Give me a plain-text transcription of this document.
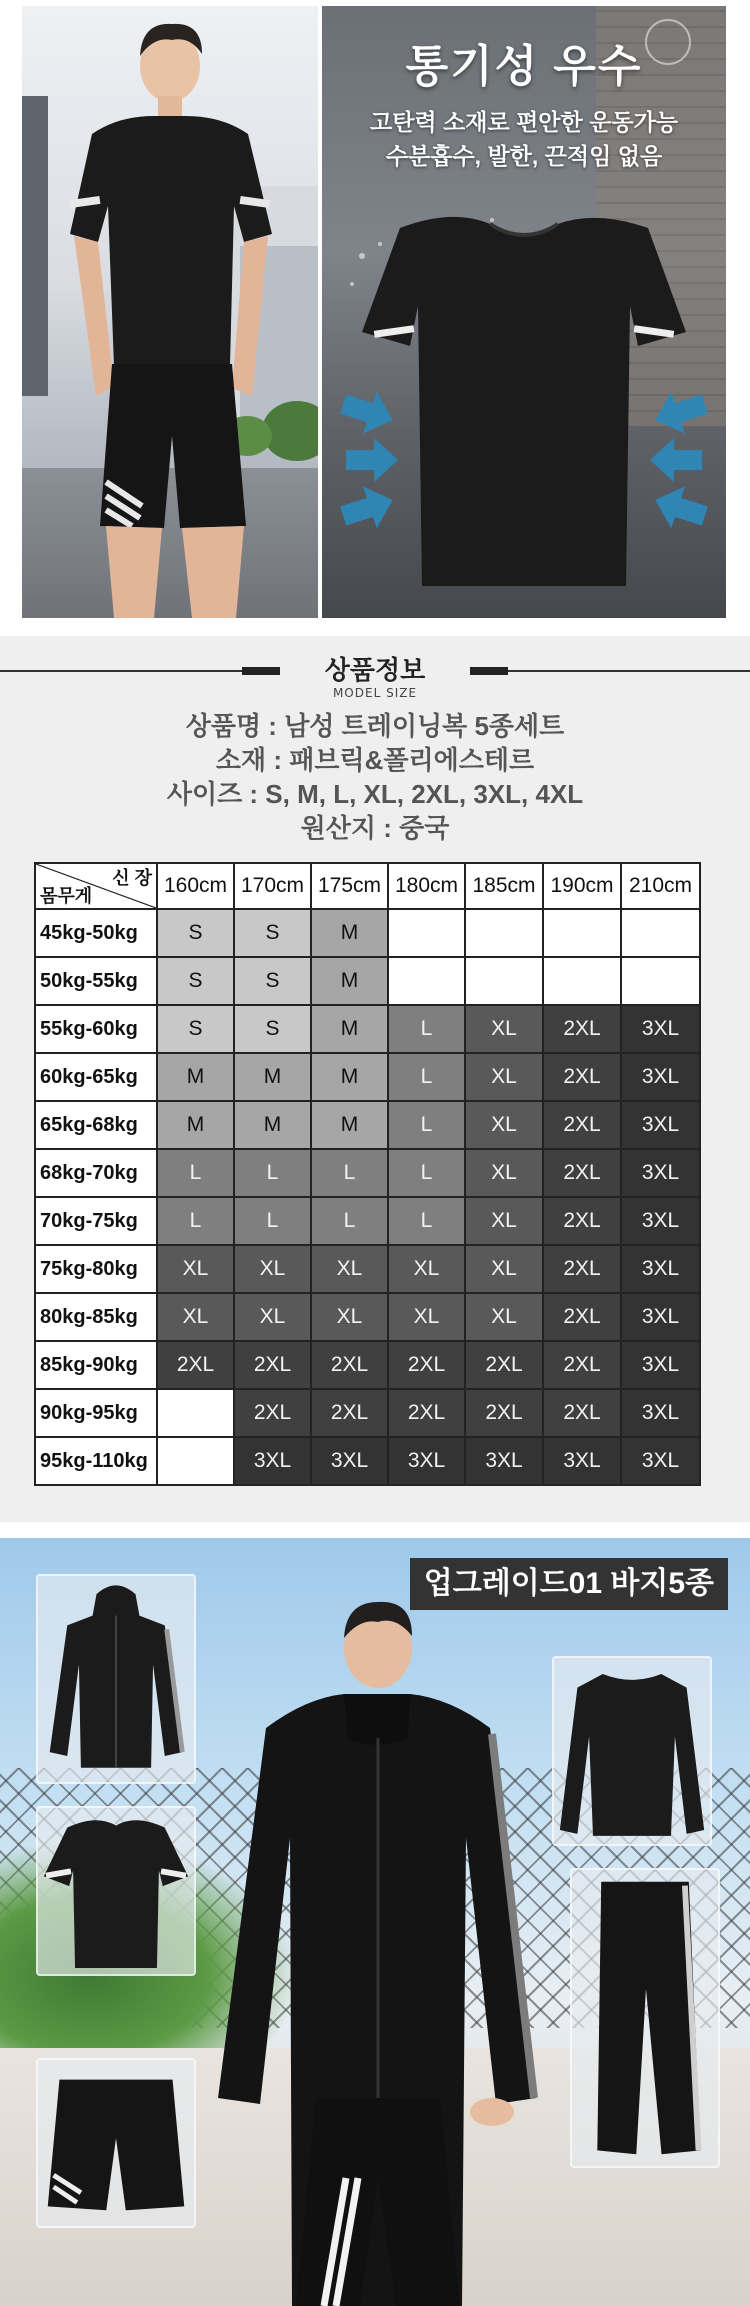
통기성 우수
고탄력 소재로 편안한 운동가능
수분흡수, 발한, 끈적임 없음
상품정보
MODEL SIZE
상품명 : 남성 트레이닝복 5종세트
소재 : 패브릭&폴리에스테르
사이즈 : S, M, L, XL, 2XL, 3XL, 4XL
원산지 : 중국
신 장
몸무게	160cm	170cm	175cm	180cm	185cm	190cm	210cm
45kg-50kg	S	S	M				
50kg-55kg	S	S	M				
55kg-60kg	S	S	M	L	XL	2XL	3XL
60kg-65kg	M	M	M	L	XL	2XL	3XL
65kg-68kg	M	M	M	L	XL	2XL	3XL
68kg-70kg	L	L	L	L	XL	2XL	3XL
70kg-75kg	L	L	L	L	XL	2XL	3XL
75kg-80kg	XL	XL	XL	XL	XL	2XL	3XL
80kg-85kg	XL	XL	XL	XL	XL	2XL	3XL
85kg-90kg	2XL	2XL	2XL	2XL	2XL	2XL	3XL
90kg-95kg		2XL	2XL	2XL	2XL	2XL	3XL
95kg-110kg		3XL	3XL	3XL	3XL	3XL	3XL
업그레이드01 바지5종
